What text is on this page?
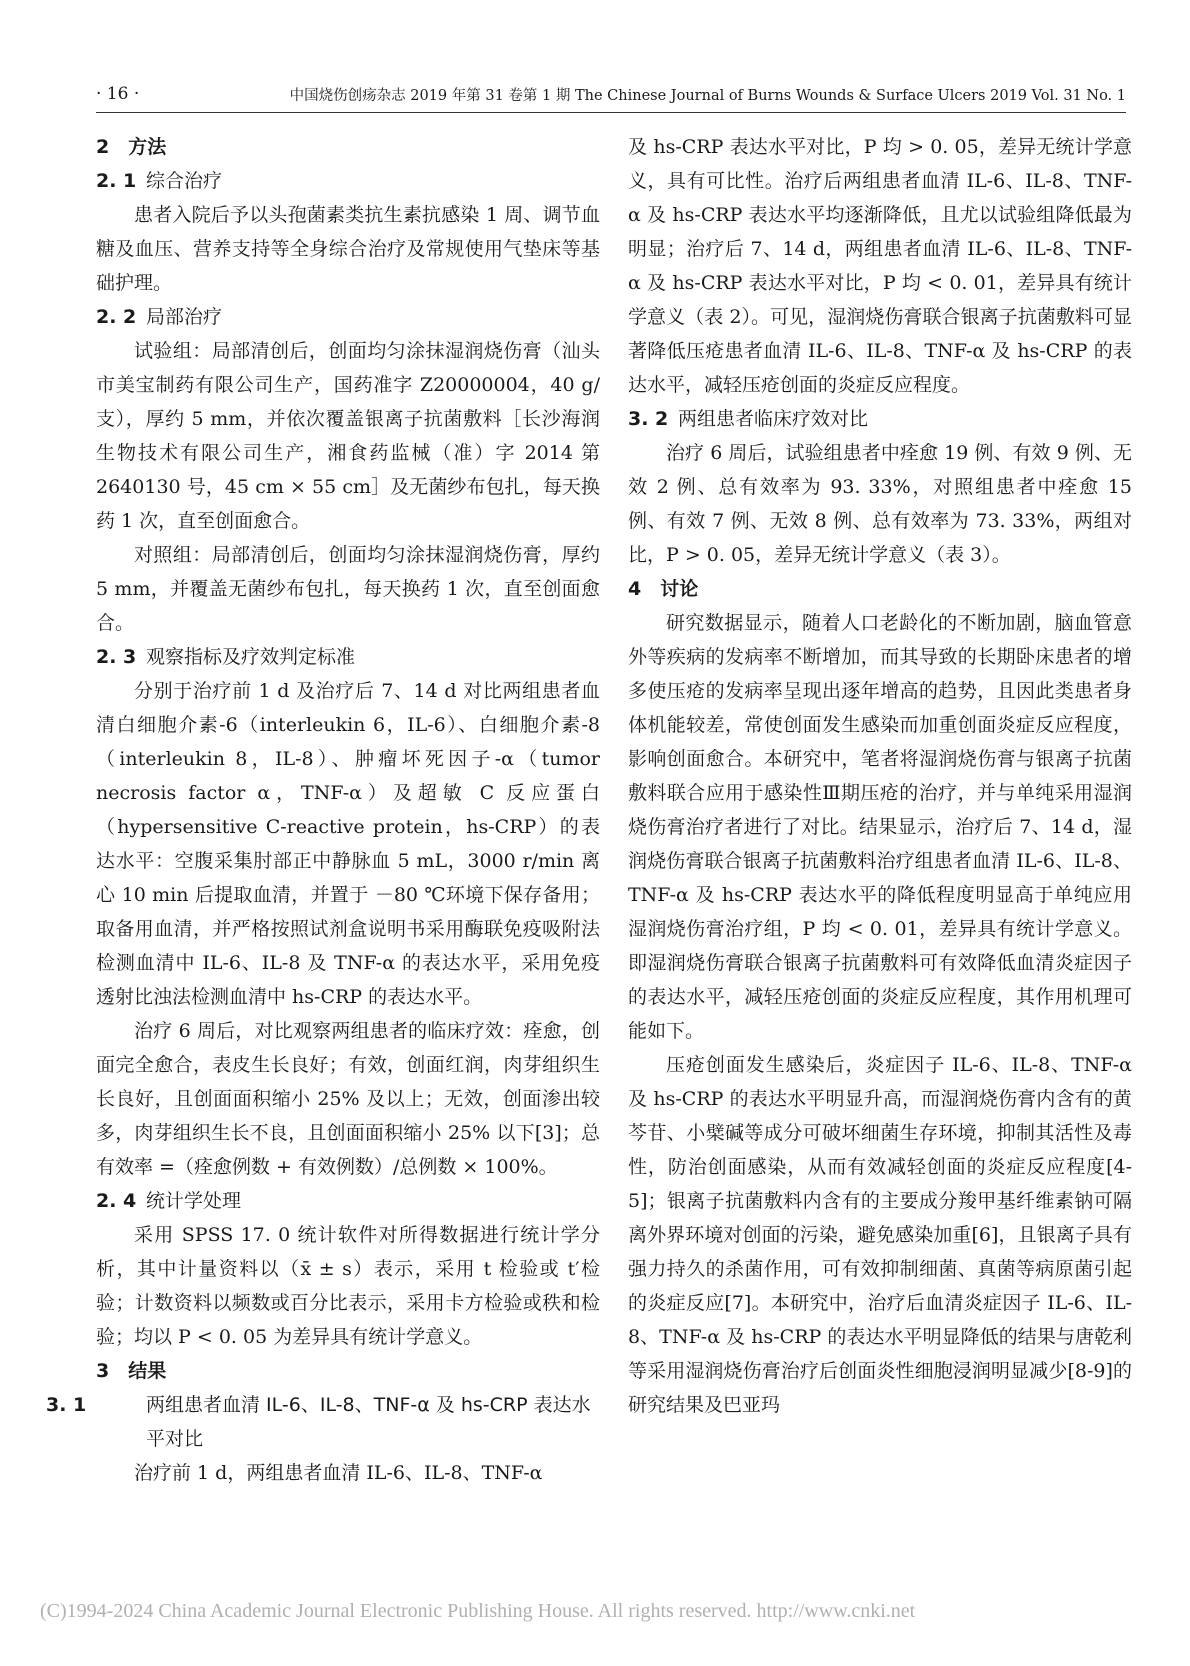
· 16 ·	中国烧伤创疡杂志 2019 年第 31 卷第 1 期 The Chinese Journal of Burns Wounds & Surface Ulcers 2019 Vol. 31 No. 1
2　方法
2. 1 综合治疗

患者入院后予以头孢菌素类抗生素抗感染 1 周、调节血糖及血压、营养支持等全身综合治疗及常规使用气垫床等基础护理。

2. 2 局部治疗

试验组：局部清创后，创面均匀涂抹湿润烧伤膏（汕头市美宝制药有限公司生产，国药准字 Z20000004，40 g/支），厚约 5 mm，并依次覆盖银离子抗菌敷料［长沙海润生物技术有限公司生产，湘食药监械（准）字 2014 第 2640130 号，45 cm × 55 cm］及无菌纱布包扎，每天换药 1 次，直至创面愈合。

对照组：局部清创后，创面均匀涂抹湿润烧伤膏，厚约 5 mm，并覆盖无菌纱布包扎，每天换药 1 次，直至创面愈合。

2. 3 观察指标及疗效判定标准

分别于治疗前 1 d 及治疗后 7、14 d 对比两组患者血清白细胞介素-6（interleukin 6，IL-6）、白细胞介素-8（interleukin 8，IL-8）、肿瘤坏死因子-α（tumor necrosis factor α，TNF-α）及超敏 C 反应蛋白（hypersensitive C-reactive protein，hs-CRP）的表达水平：空腹采集肘部正中静脉血 5 mL，3000 r/min 离心 10 min 后提取血清，并置于 －80 ℃环境下保存备用；取备用血清，并严格按照试剂盒说明书采用酶联免疫吸附法检测血清中 IL-6、IL-8 及 TNF-α 的表达水平，采用免疫透射比浊法检测血清中 hs-CRP 的表达水平。

治疗 6 周后，对比观察两组患者的临床疗效：痊愈，创面完全愈合，表皮生长良好；有效，创面红润，肉芽组织生长良好，且创面面积缩小 25% 及以上；无效，创面渗出较多，肉芽组织生长不良，且创面面积缩小 25% 以下[3]；总有效率 =（痊愈例数 + 有效例数）/总例数 × 100%。

2. 4 统计学处理

采用 SPSS 17. 0 统计软件对所得数据进行统计学分析，其中计量资料以（x̄ ± s）表示，采用 t 检验或 t′检验；计数资料以频数或百分比表示，采用卡方检验或秩和检验；均以 P < 0. 05 为差异具有统计学意义。

3　结果
3. 1	两组患者血清 IL-6、IL-8、TNF-α 及 hs-CRP 表达水平对比

治疗前 1 d，两组患者血清 IL-6、IL-8、TNF-α

及 hs-CRP 表达水平对比，P 均 > 0. 05，差异无统计学意义，具有可比性。治疗后两组患者血清 IL-6、IL-8、TNF-α 及 hs-CRP 表达水平均逐渐降低，且尤以试验组降低最为明显；治疗后 7、14 d，两组患者血清 IL-6、IL-8、TNF-α 及 hs-CRP 表达水平对比，P 均 < 0. 01，差异具有统计学意义（表 2）。可见，湿润烧伤膏联合银离子抗菌敷料可显著降低压疮患者血清 IL-6、IL-8、TNF-α 及 hs-CRP 的表达水平，减轻压疮创面的炎症反应程度。

3. 2 两组患者临床疗效对比

治疗 6 周后，试验组患者中痊愈 19 例、有效 9 例、无效 2 例、总有效率为 93. 33%，对照组患者中痊愈 15 例、有效 7 例、无效 8 例、总有效率为 73. 33%，两组对比，P > 0. 05，差异无统计学意义（表 3）。

4　讨论

研究数据显示，随着人口老龄化的不断加剧，脑血管意外等疾病的发病率不断增加，而其导致的长期卧床患者的增多使压疮的发病率呈现出逐年增高的趋势，且因此类患者身体机能较差，常使创面发生感染而加重创面炎症反应程度，影响创面愈合。本研究中，笔者将湿润烧伤膏与银离子抗菌敷料联合应用于感染性Ⅲ期压疮的治疗，并与单纯采用湿润烧伤膏治疗者进行了对比。结果显示，治疗后 7、14 d，湿润烧伤膏联合银离子抗菌敷料治疗组患者血清 IL-6、IL-8、TNF-α 及 hs-CRP 表达水平的降低程度明显高于单纯应用湿润烧伤膏治疗组，P 均 < 0. 01，差异具有统计学意义。即湿润烧伤膏联合银离子抗菌敷料可有效降低血清炎症因子的表达水平，减轻压疮创面的炎症反应程度，其作用机理可能如下。

压疮创面发生感染后，炎症因子 IL-6、IL-8、TNF-α 及 hs-CRP 的表达水平明显升高，而湿润烧伤膏内含有的黄芩苷、小檗碱等成分可破坏细菌生存环境，抑制其活性及毒性，防治创面感染，从而有效减轻创面的炎症反应程度[4-5]；银离子抗菌敷料内含有的主要成分羧甲基纤维素钠可隔离外界环境对创面的污染，避免感染加重[6]，且银离子具有强力持久的杀菌作用，可有效抑制细菌、真菌等病原菌引起的炎症反应[7]。本研究中，治疗后血清炎症因子 IL-6、IL-8、TNF-α 及 hs-CRP 的表达水平明显降低的结果与唐乾利等采用湿润烧伤膏治疗后创面炎性细胞浸润明显减少[8-9]的研究结果及巴亚玛

(C)1994-2024 China Academic Journal Electronic Publishing House. All rights reserved. http://www.cnki.net
